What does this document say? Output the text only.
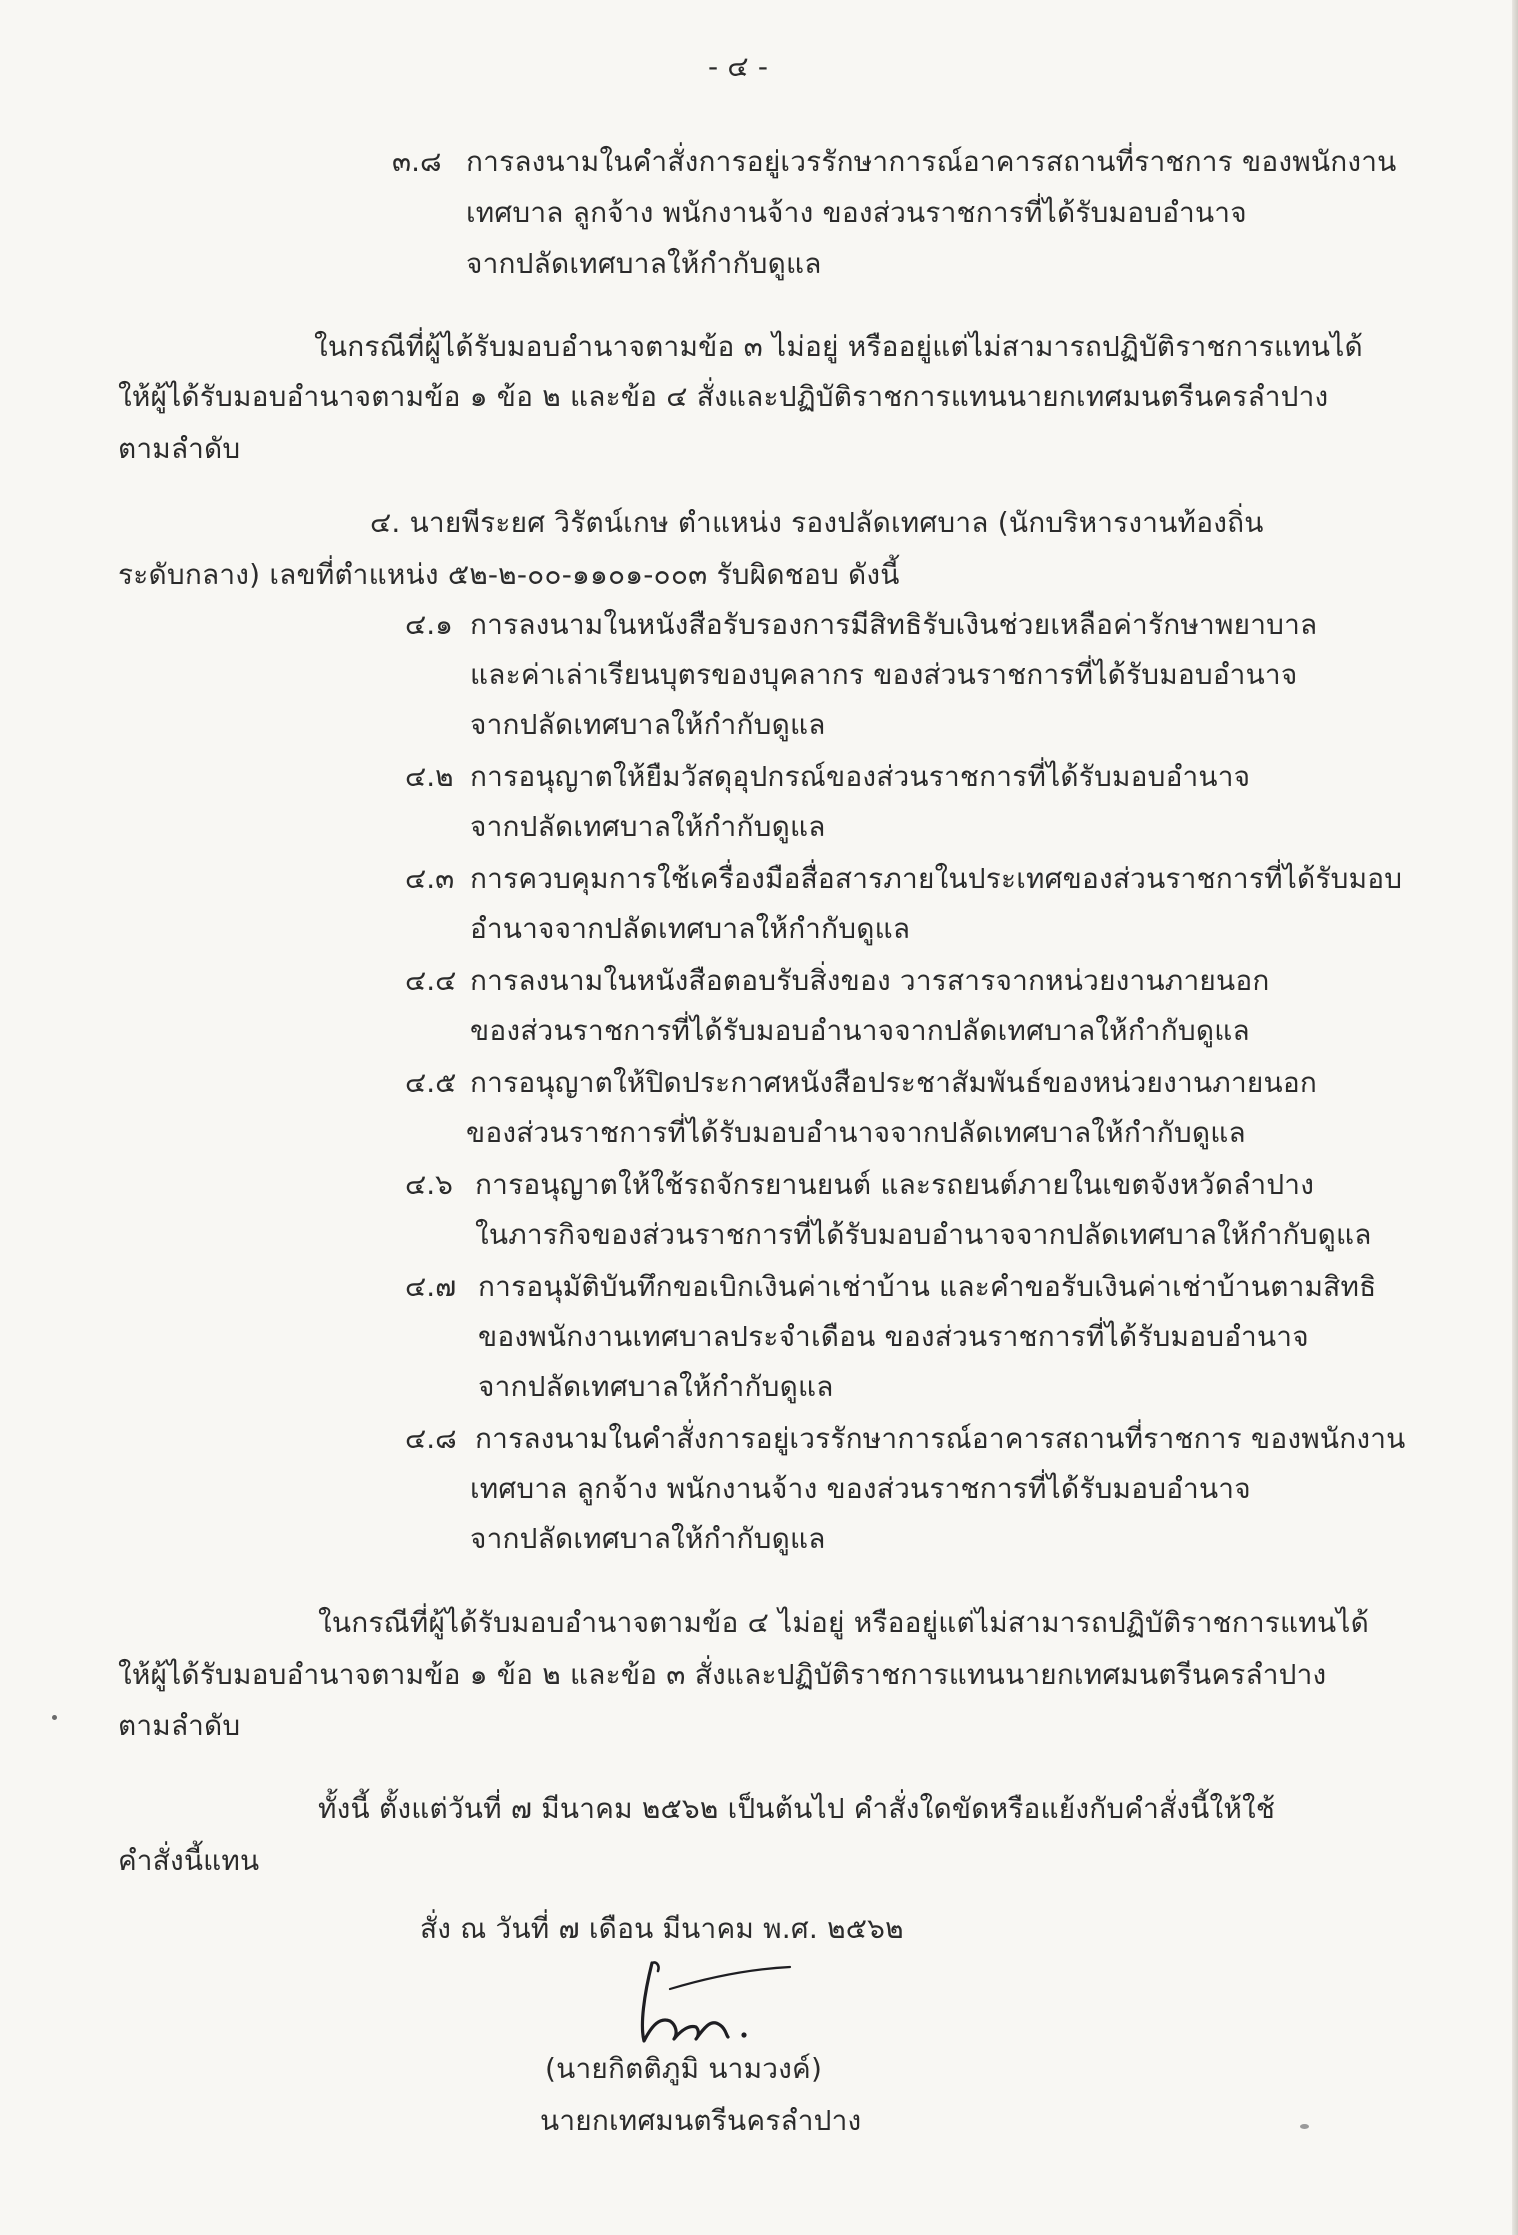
- ๔ -
๓.๘ การลงนามในคำสั่งการอยู่เวรรักษาการณ์อาคารสถานที่ราชการ ของพนักงาน
เทศบาล ลูกจ้าง พนักงานจ้าง ของส่วนราชการที่ได้รับมอบอำนาจ
จากปลัดเทศบาลให้กำกับดูแล
ในกรณีที่ผู้ได้รับมอบอำนาจตามข้อ ๓ ไม่อยู่ หรืออยู่แต่ไม่สามารถปฏิบัติราชการแทนได้
ให้ผู้ได้รับมอบอำนาจตามข้อ ๑ ข้อ ๒ และข้อ ๔ สั่งและปฏิบัติราชการแทนนายกเทศมนตรีนครลำปาง
ตามลำดับ
๔. นายพีระยศ วิรัตน์เกษ ตำแหน่ง รองปลัดเทศบาล (นักบริหารงานท้องถิ่น
ระดับกลาง) เลขที่ตำแหน่ง ๕๒-๒-๐๐-๑๑๐๑-๐๐๓ รับผิดชอบ ดังนี้
๔.๑ การลงนามในหนังสือรับรองการมีสิทธิรับเงินช่วยเหลือค่ารักษาพยาบาล
และค่าเล่าเรียนบุตรของบุคลากร ของส่วนราชการที่ได้รับมอบอำนาจ
จากปลัดเทศบาลให้กำกับดูแล
๔.๒ การอนุญาตให้ยืมวัสดุอุปกรณ์ของส่วนราชการที่ได้รับมอบอำนาจ
จากปลัดเทศบาลให้กำกับดูแล
๔.๓ การควบคุมการใช้เครื่องมือสื่อสารภายในประเทศของส่วนราชการที่ได้รับมอบ
อำนาจจากปลัดเทศบาลให้กำกับดูแล
๔.๔ การลงนามในหนังสือตอบรับสิ่งของ วารสารจากหน่วยงานภายนอก
ของส่วนราชการที่ได้รับมอบอำนาจจากปลัดเทศบาลให้กำกับดูแล
๔.๕ การอนุญาตให้ปิดประกาศหนังสือประชาสัมพันธ์ของหน่วยงานภายนอก
ของส่วนราชการที่ได้รับมอบอำนาจจากปลัดเทศบาลให้กำกับดูแล
๔.๖ การอนุญาตให้ใช้รถจักรยานยนต์ และรถยนต์ภายในเขตจังหวัดลำปาง
ในภารกิจของส่วนราชการที่ได้รับมอบอำนาจจากปลัดเทศบาลให้กำกับดูแล
๔.๗ การอนุมัติบันทึกขอเบิกเงินค่าเช่าบ้าน และคำขอรับเงินค่าเช่าบ้านตามสิทธิ
ของพนักงานเทศบาลประจำเดือน ของส่วนราชการที่ได้รับมอบอำนาจ
จากปลัดเทศบาลให้กำกับดูแล
๔.๘ การลงนามในคำสั่งการอยู่เวรรักษาการณ์อาคารสถานที่ราชการ ของพนักงาน
เทศบาล ลูกจ้าง พนักงานจ้าง ของส่วนราชการที่ได้รับมอบอำนาจ
จากปลัดเทศบาลให้กำกับดูแล
ในกรณีที่ผู้ได้รับมอบอำนาจตามข้อ ๔ ไม่อยู่ หรืออยู่แต่ไม่สามารถปฏิบัติราชการแทนได้
ให้ผู้ได้รับมอบอำนาจตามข้อ ๑ ข้อ ๒ และข้อ ๓ สั่งและปฏิบัติราชการแทนนายกเทศมนตรีนครลำปาง
ตามลำดับ
ทั้งนี้ ตั้งแต่วันที่ ๗ มีนาคม ๒๕๖๒ เป็นต้นไป คำสั่งใดขัดหรือแย้งกับคำสั่งนี้ให้ใช้
คำสั่งนี้แทน
สั่ง ณ วันที่ ๗ เดือน มีนาคม พ.ศ. ๒๕๖๒
(นายกิตติภูมิ นามวงค์)
นายกเทศมนตรีนครลำปาง
